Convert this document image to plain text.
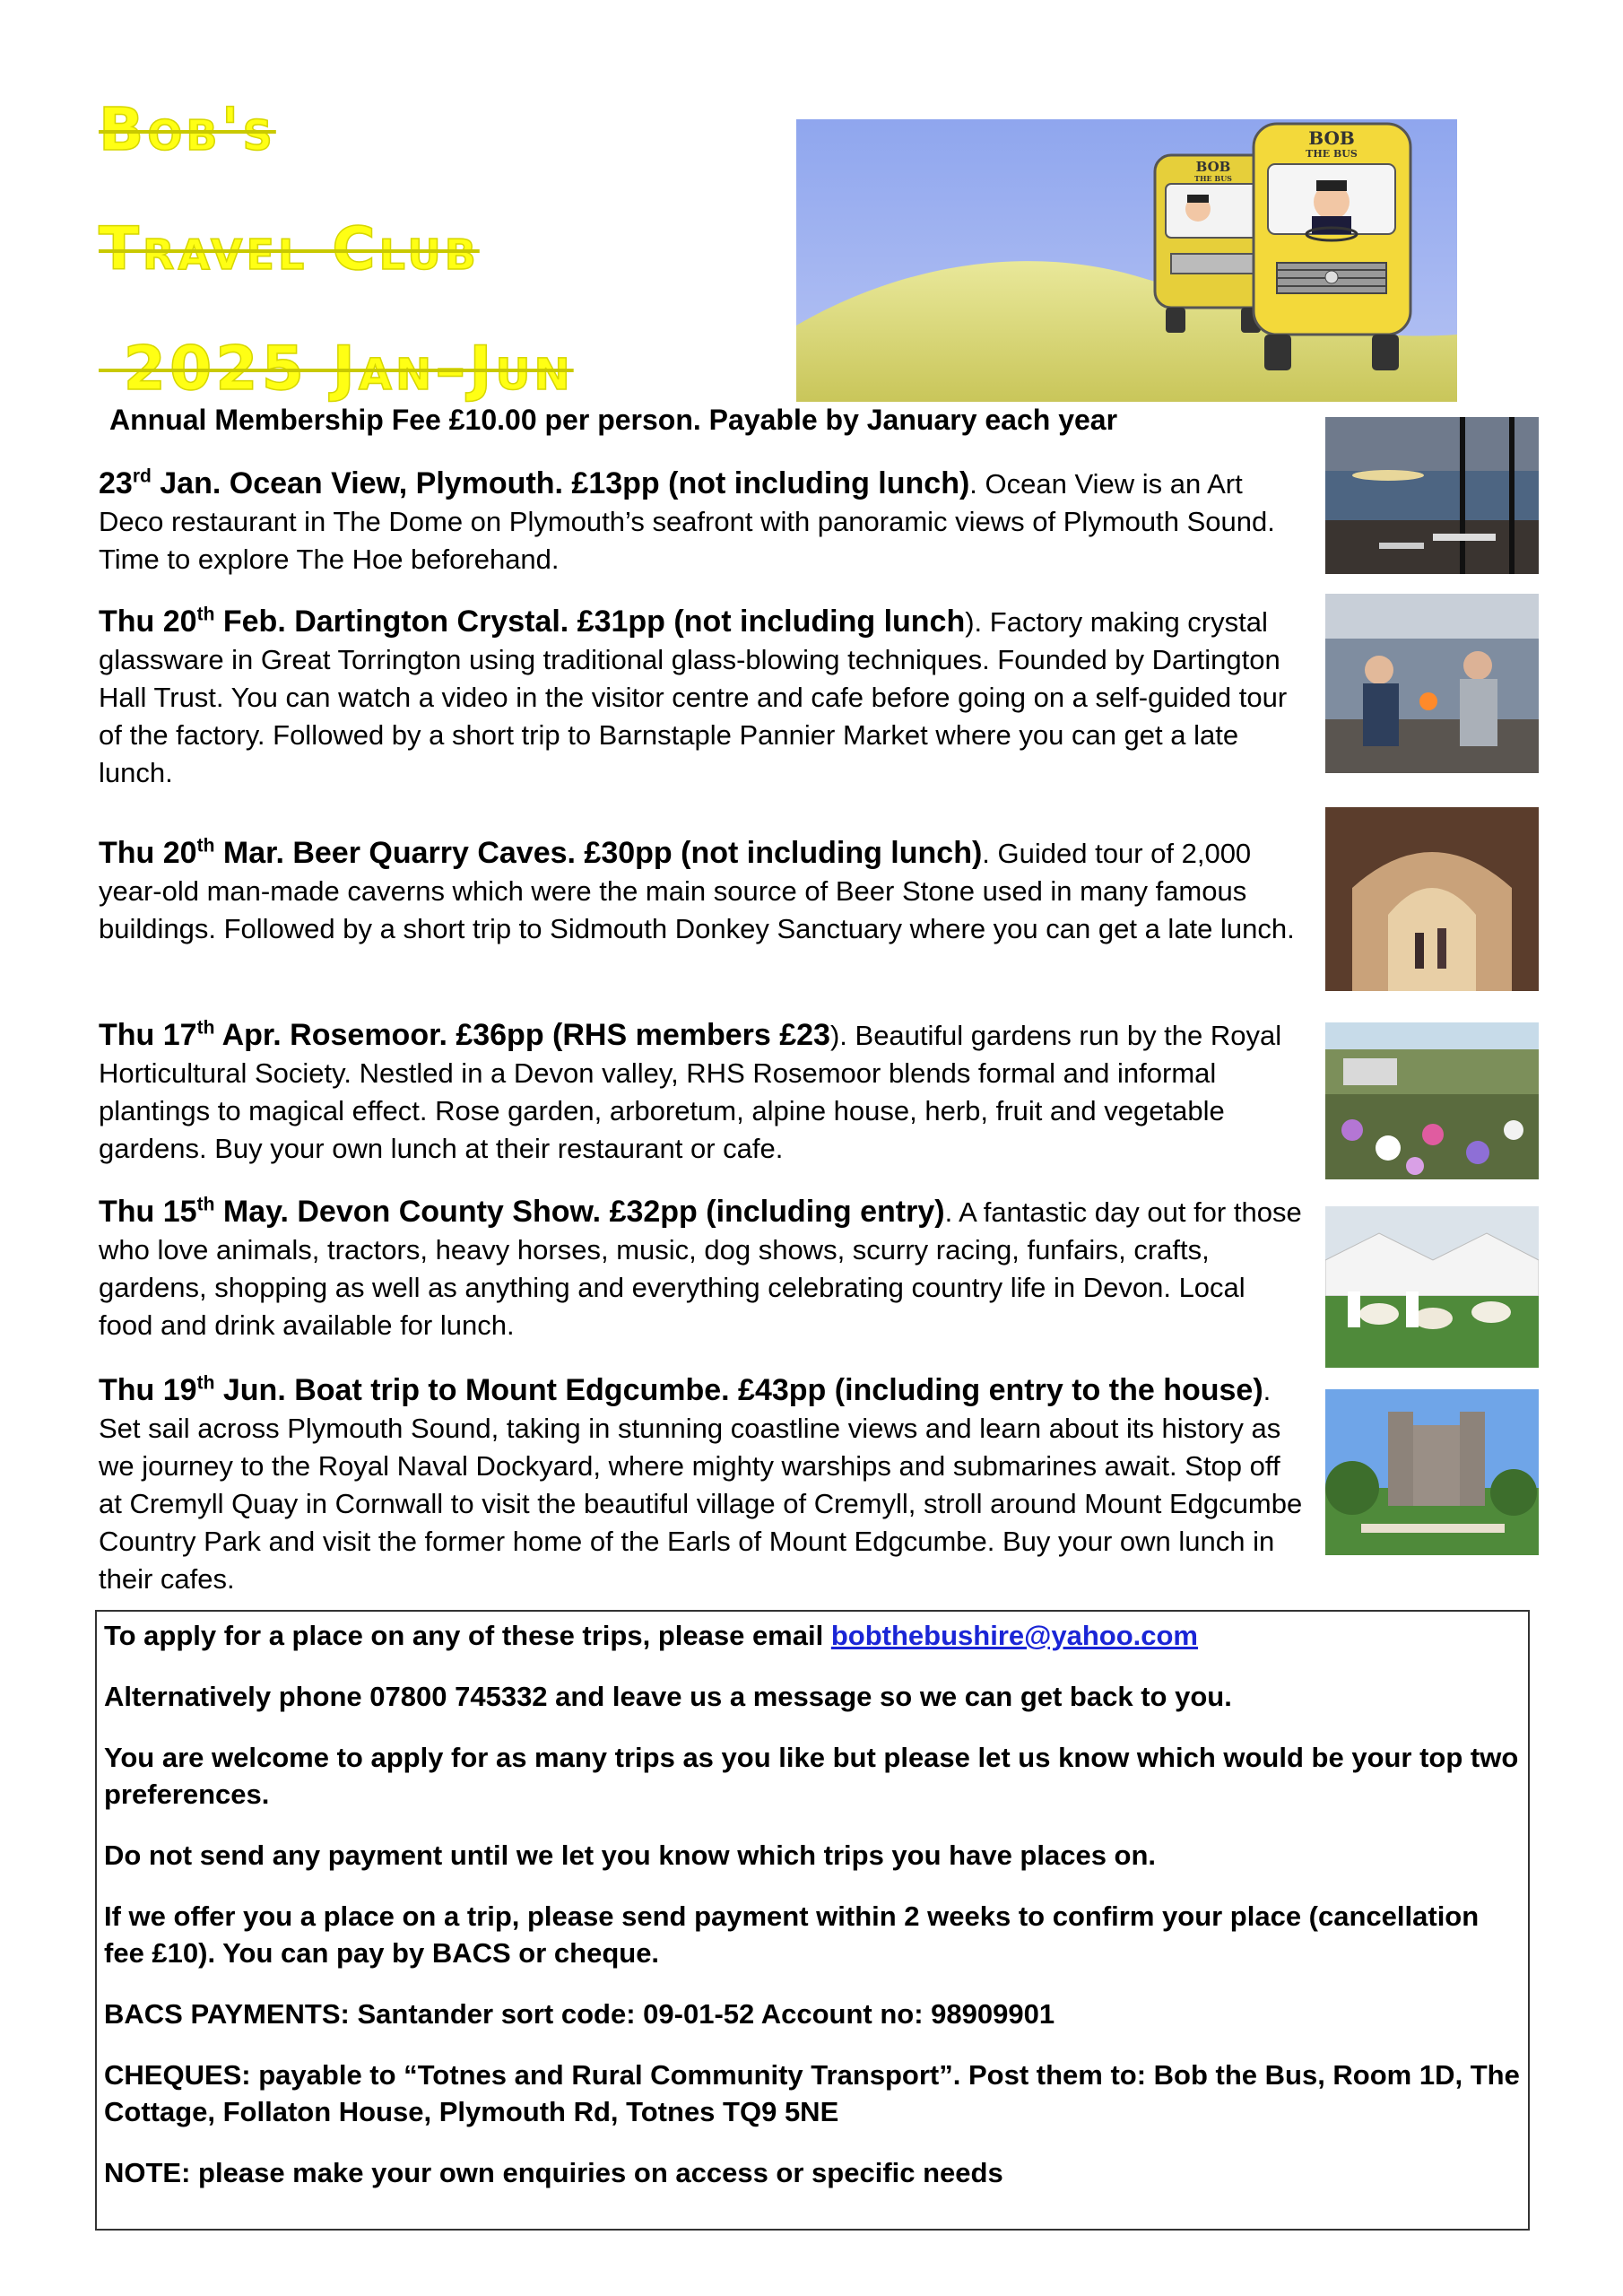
Bob's
Travel Club
2025 Jan–Jun
BOB
THE BUS
BOB
THE BUS

Annual Membership Fee £10.00 per person. Payable by January each year

23rd Jan. Ocean View, Plymouth. £13pp (not including lunch). Ocean View is an Art Deco restaurant in The Dome on Plymouth’s seafront with panoramic views of Plymouth Sound. Time to explore The Hoe beforehand.

Thu 20th Feb. Dartington Crystal. £31pp (not including lunch). Factory making crystal glassware in Great Torrington using traditional glass-blowing techniques. Founded by Dartington Hall Trust. You can watch a video in the visitor centre and cafe before going on a self-guided tour of the factory. Followed by a short trip to Barnstaple Pannier Market where you can get a late lunch.

Thu 20th Mar. Beer Quarry Caves. £30pp (not including lunch). Guided tour of 2,000 year-old man-made caverns which were the main source of Beer Stone used in many famous buildings. Followed by a short trip to Sidmouth Donkey Sanctuary where you can get a late lunch.

Thu 17th Apr. Rosemoor. £36pp (RHS members £23). Beautiful gardens run by the Royal Horticultural Society. Nestled in a Devon valley, RHS Rosemoor blends formal and informal plantings to magical effect. Rose garden, arboretum, alpine house, herb, fruit and vegetable gardens. Buy your own lunch at their restaurant or cafe.

Thu 15th May. Devon County Show. £32pp (including entry). A fantastic day out for those who love animals, tractors, heavy horses, music, dog shows, scurry racing, funfairs, crafts, gardens, shopping as well as anything and everything celebrating country life in Devon. Local food and drink available for lunch.

Thu 19th Jun. Boat trip to Mount Edgcumbe. £43pp (including entry to the house). Set sail across Plymouth Sound, taking in stunning coastline views and learn about its history as we journey to the Royal Naval Dockyard, where mighty warships and submarines await. Stop off at Cremyll Quay in Cornwall to visit the beautiful village of Cremyll, stroll around Mount Edgcumbe Country Park and visit the former home of the Earls of Mount Edgcumbe. Buy your own lunch in their cafes.

To apply for a place on any of these trips, please email bobthebushire@yahoo.com

Alternatively phone 07800 745332 and leave us a message so we can get back to you.

You are welcome to apply for as many trips as you like but please let us know which would be your top two preferences.

Do not send any payment until we let you know which trips you have places on.

If we offer you a place on a trip, please send payment within 2 weeks to confirm your place (cancellation fee £10). You can pay by BACS or cheque.

BACS PAYMENTS: Santander sort code: 09-01-52 Account no: 98909901

CHEQUES: payable to “Totnes and Rural Community Transport”. Post them to: Bob the Bus, Room 1D, The Cottage, Follaton House, Plymouth Rd, Totnes TQ9 5NE

NOTE: please make your own enquiries on access or specific needs
